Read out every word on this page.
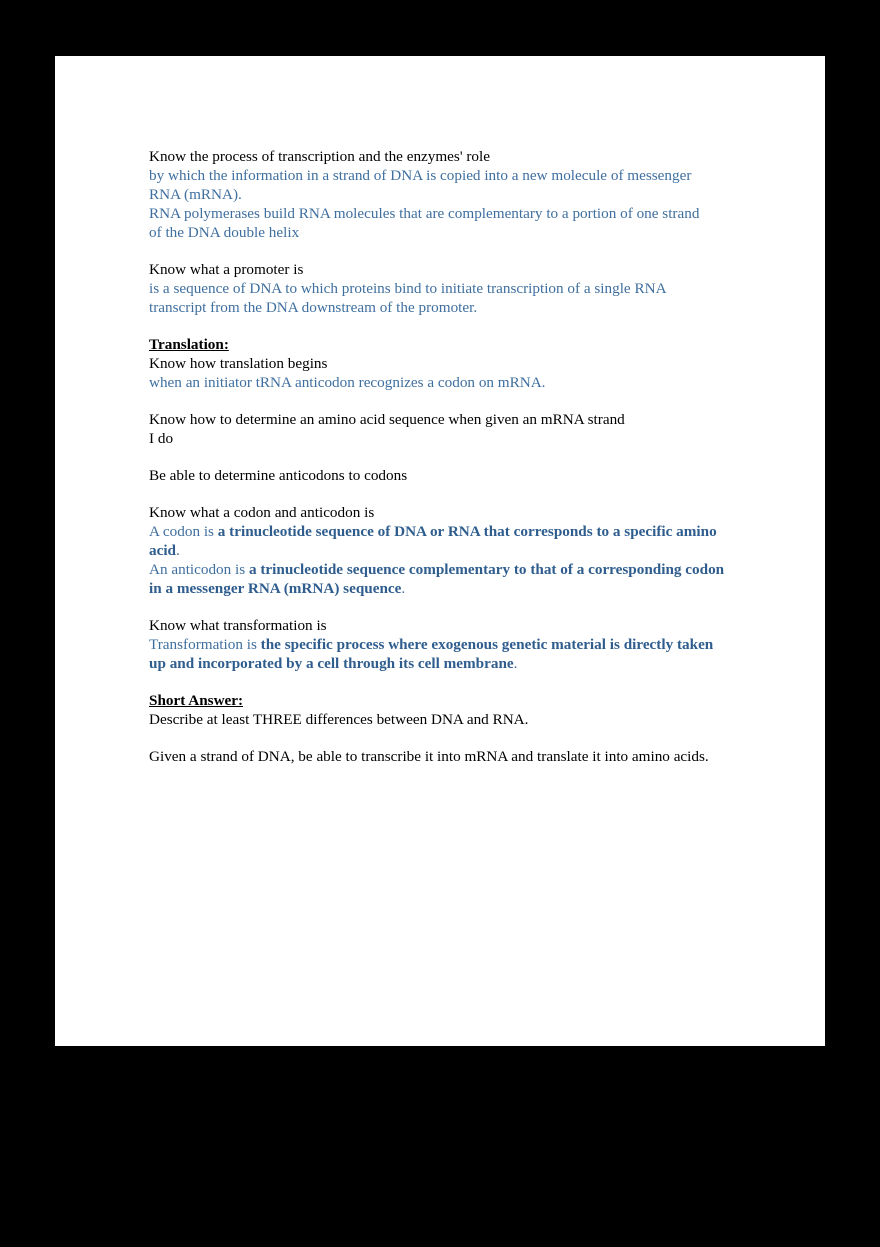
Know the process of transcription and the enzymes' role
by which the information in a strand of DNA is copied into a new molecule of messenger
RNA (mRNA).
RNA polymerases build RNA molecules that are complementary to a portion of one strand
of the DNA double helix
Know what a promoter is
is a sequence of DNA to which proteins bind to initiate transcription of a single RNA
transcript from the DNA downstream of the promoter.
Translation:
Know how translation begins
when an initiator tRNA anticodon recognizes a codon on mRNA.
Know how to determine an amino acid sequence when given an mRNA strand
I do
Be able to determine anticodons to codons
Know what a codon and anticodon is
A codon is a trinucleotide sequence of DNA or RNA that corresponds to a specific amino
acid.
An anticodon is a trinucleotide sequence complementary to that of a corresponding codon
in a messenger RNA (mRNA) sequence.
Know what transformation is
Transformation is the specific process where exogenous genetic material is directly taken
up and incorporated by a cell through its cell membrane.
Short Answer:
Describe at least THREE differences between DNA and RNA.
Given a strand of DNA, be able to transcribe it into mRNA and translate it into amino acids.
